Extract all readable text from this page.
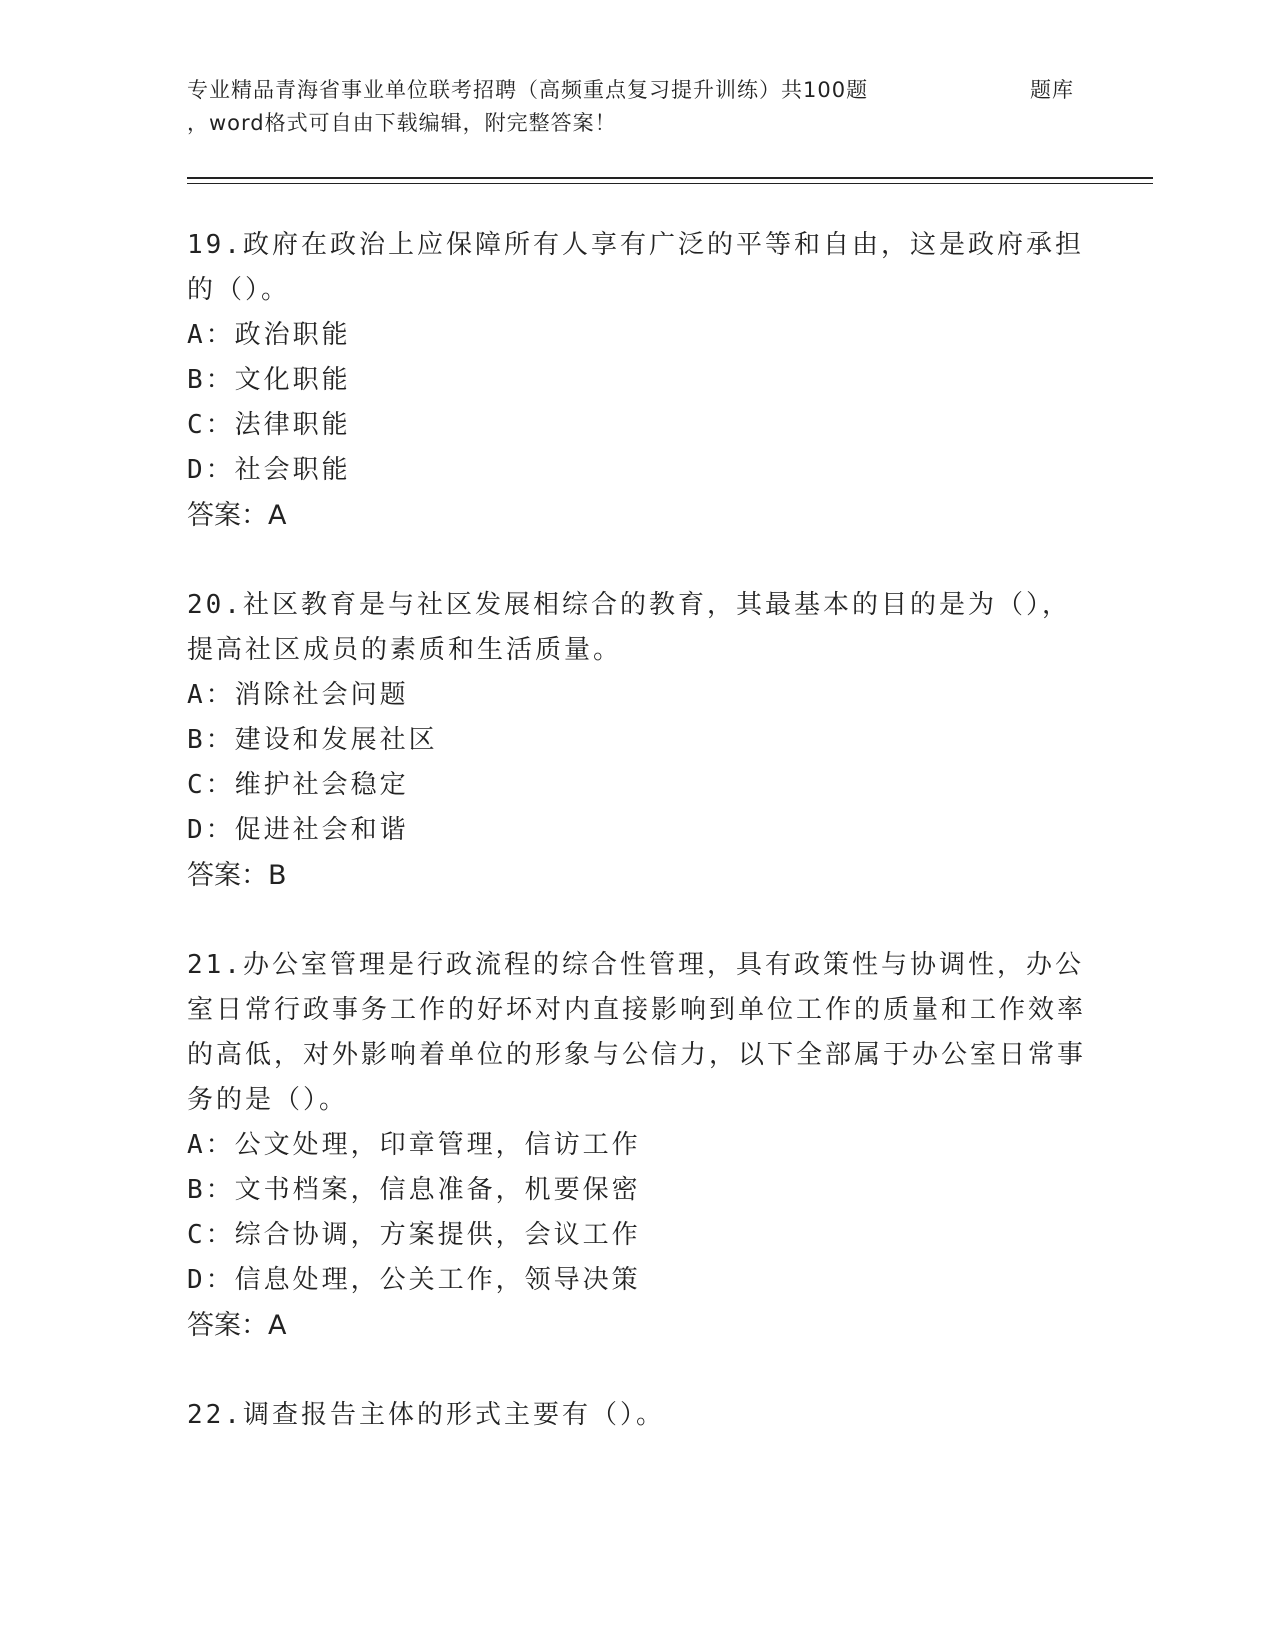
专业精品青海省事业单位联考招聘（高频重点复习提升训练）共100题	题库
，word格式可自由下载编辑，附完整答案！
19.政府在政治上应保障所有人享有广泛的平等和自由，这是政府承担的（）。
A：政治职能
B：文化职能
C：法律职能
D：社会职能
答案：A
20.社区教育是与社区发展相综合的教育，其最基本的目的是为（），提高社区成员的素质和生活质量。
A：消除社会问题
B：建设和发展社区
C：维护社会稳定
D：促进社会和谐
答案：B
21.办公室管理是行政流程的综合性管理，具有政策性与协调性，办公室日常行政事务工作的好坏对内直接影响到单位工作的质量和工作效率的高低，对外影响着单位的形象与公信力，以下全部属于办公室日常事务的是（）。
A：公文处理，印章管理，信访工作
B：文书档案，信息准备，机要保密
C：综合协调，方案提供，会议工作
D：信息处理，公关工作，领导决策
答案：A
22.调查报告主体的形式主要有（）。
